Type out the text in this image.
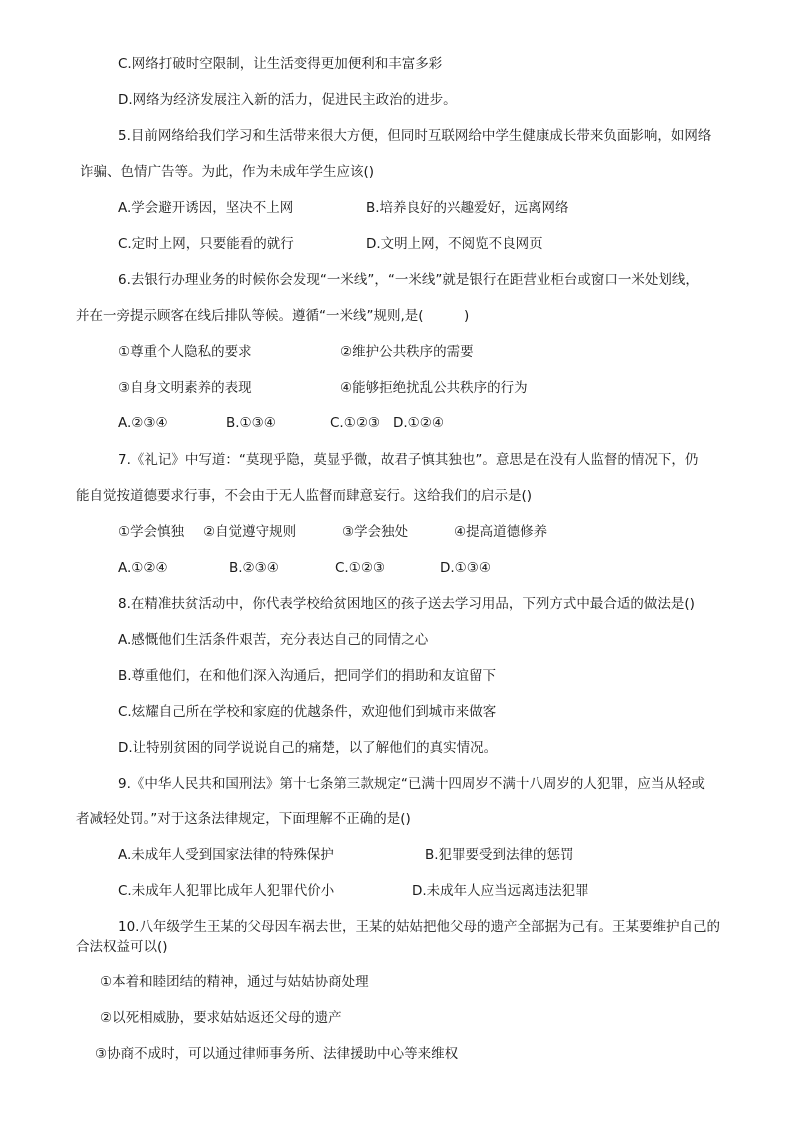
C.网络打破时空限制，让生活变得更加便利和丰富多彩
D.网络为经济发展注入新的活力，促进民主政治的进步。
5.目前网络给我们学习和生活带来很大方便，但同时互联网给中学生健康成长带来负面影响，如网络
诈骗、色情广告等。为此，作为未成年学生应该()
A.学会避开诱因，坚决不上网	B.培养良好的兴趣爱好，远离网络
C.定时上网，只要能看的就行	D.文明上网，不阅览不良网页
6.去银行办理业务的时候你会发现“一米线”，“一米线”就是银行在距营业柜台或窗口一米处划线，
并在一旁提示顾客在线后排队等候。遵循“一米线”规则,是(　　　)
①尊重个人隐私的要求	②维护公共秩序的需要
③自身文明素养的表现	④能够拒绝扰乱公共秩序的行为
A.②③④	B.①③④	C.①②③ D.①②④
7.《礼记》中写道：“莫现乎隐，莫显乎微，故君子慎其独也”。意思是在没有人监督的情况下，仍
能自觉按道德要求行事，不会由于无人监督而肆意妄行。这给我们的启示是()
①学会慎独 ②自觉遵守规则	③学会独处	④提高道德修养
A.①②④	B.②③④	C.①②③	D.①③④
8.在精准扶贫活动中，你代表学校给贫困地区的孩子送去学习用品，下列方式中最合适的做法是()
A.感慨他们生活条件艰苦，充分表达自己的同情之心
B.尊重他们，在和他们深入沟通后，把同学们的捐助和友谊留下
C.炫耀自己所在学校和家庭的优越条件，欢迎他们到城市来做客
D.让特别贫困的同学说说自己的痛楚，以了解他们的真实情况。
9.《中华人民共和国刑法》第十七条第三款规定“已满十四周岁不满十八周岁的人犯罪，应当从轻或
者减轻处罚。”对于这条法律规定，下面理解不正确的是()
A.未成年人受到国家法律的特殊保护	B.犯罪要受到法律的惩罚
C.未成年人犯罪比成年人犯罪代价小	D.未成年人应当远离违法犯罪
10.八年级学生王某的父母因车祸去世，王某的姑姑把他父母的遗产全部据为己有。王某要维护自己的
合法权益可以()
①本着和睦团结的精神，通过与姑姑协商处理
②以死相威胁，要求姑姑返还父母的遗产
③协商不成时，可以通过律师事务所、法律援助中心等来维权
